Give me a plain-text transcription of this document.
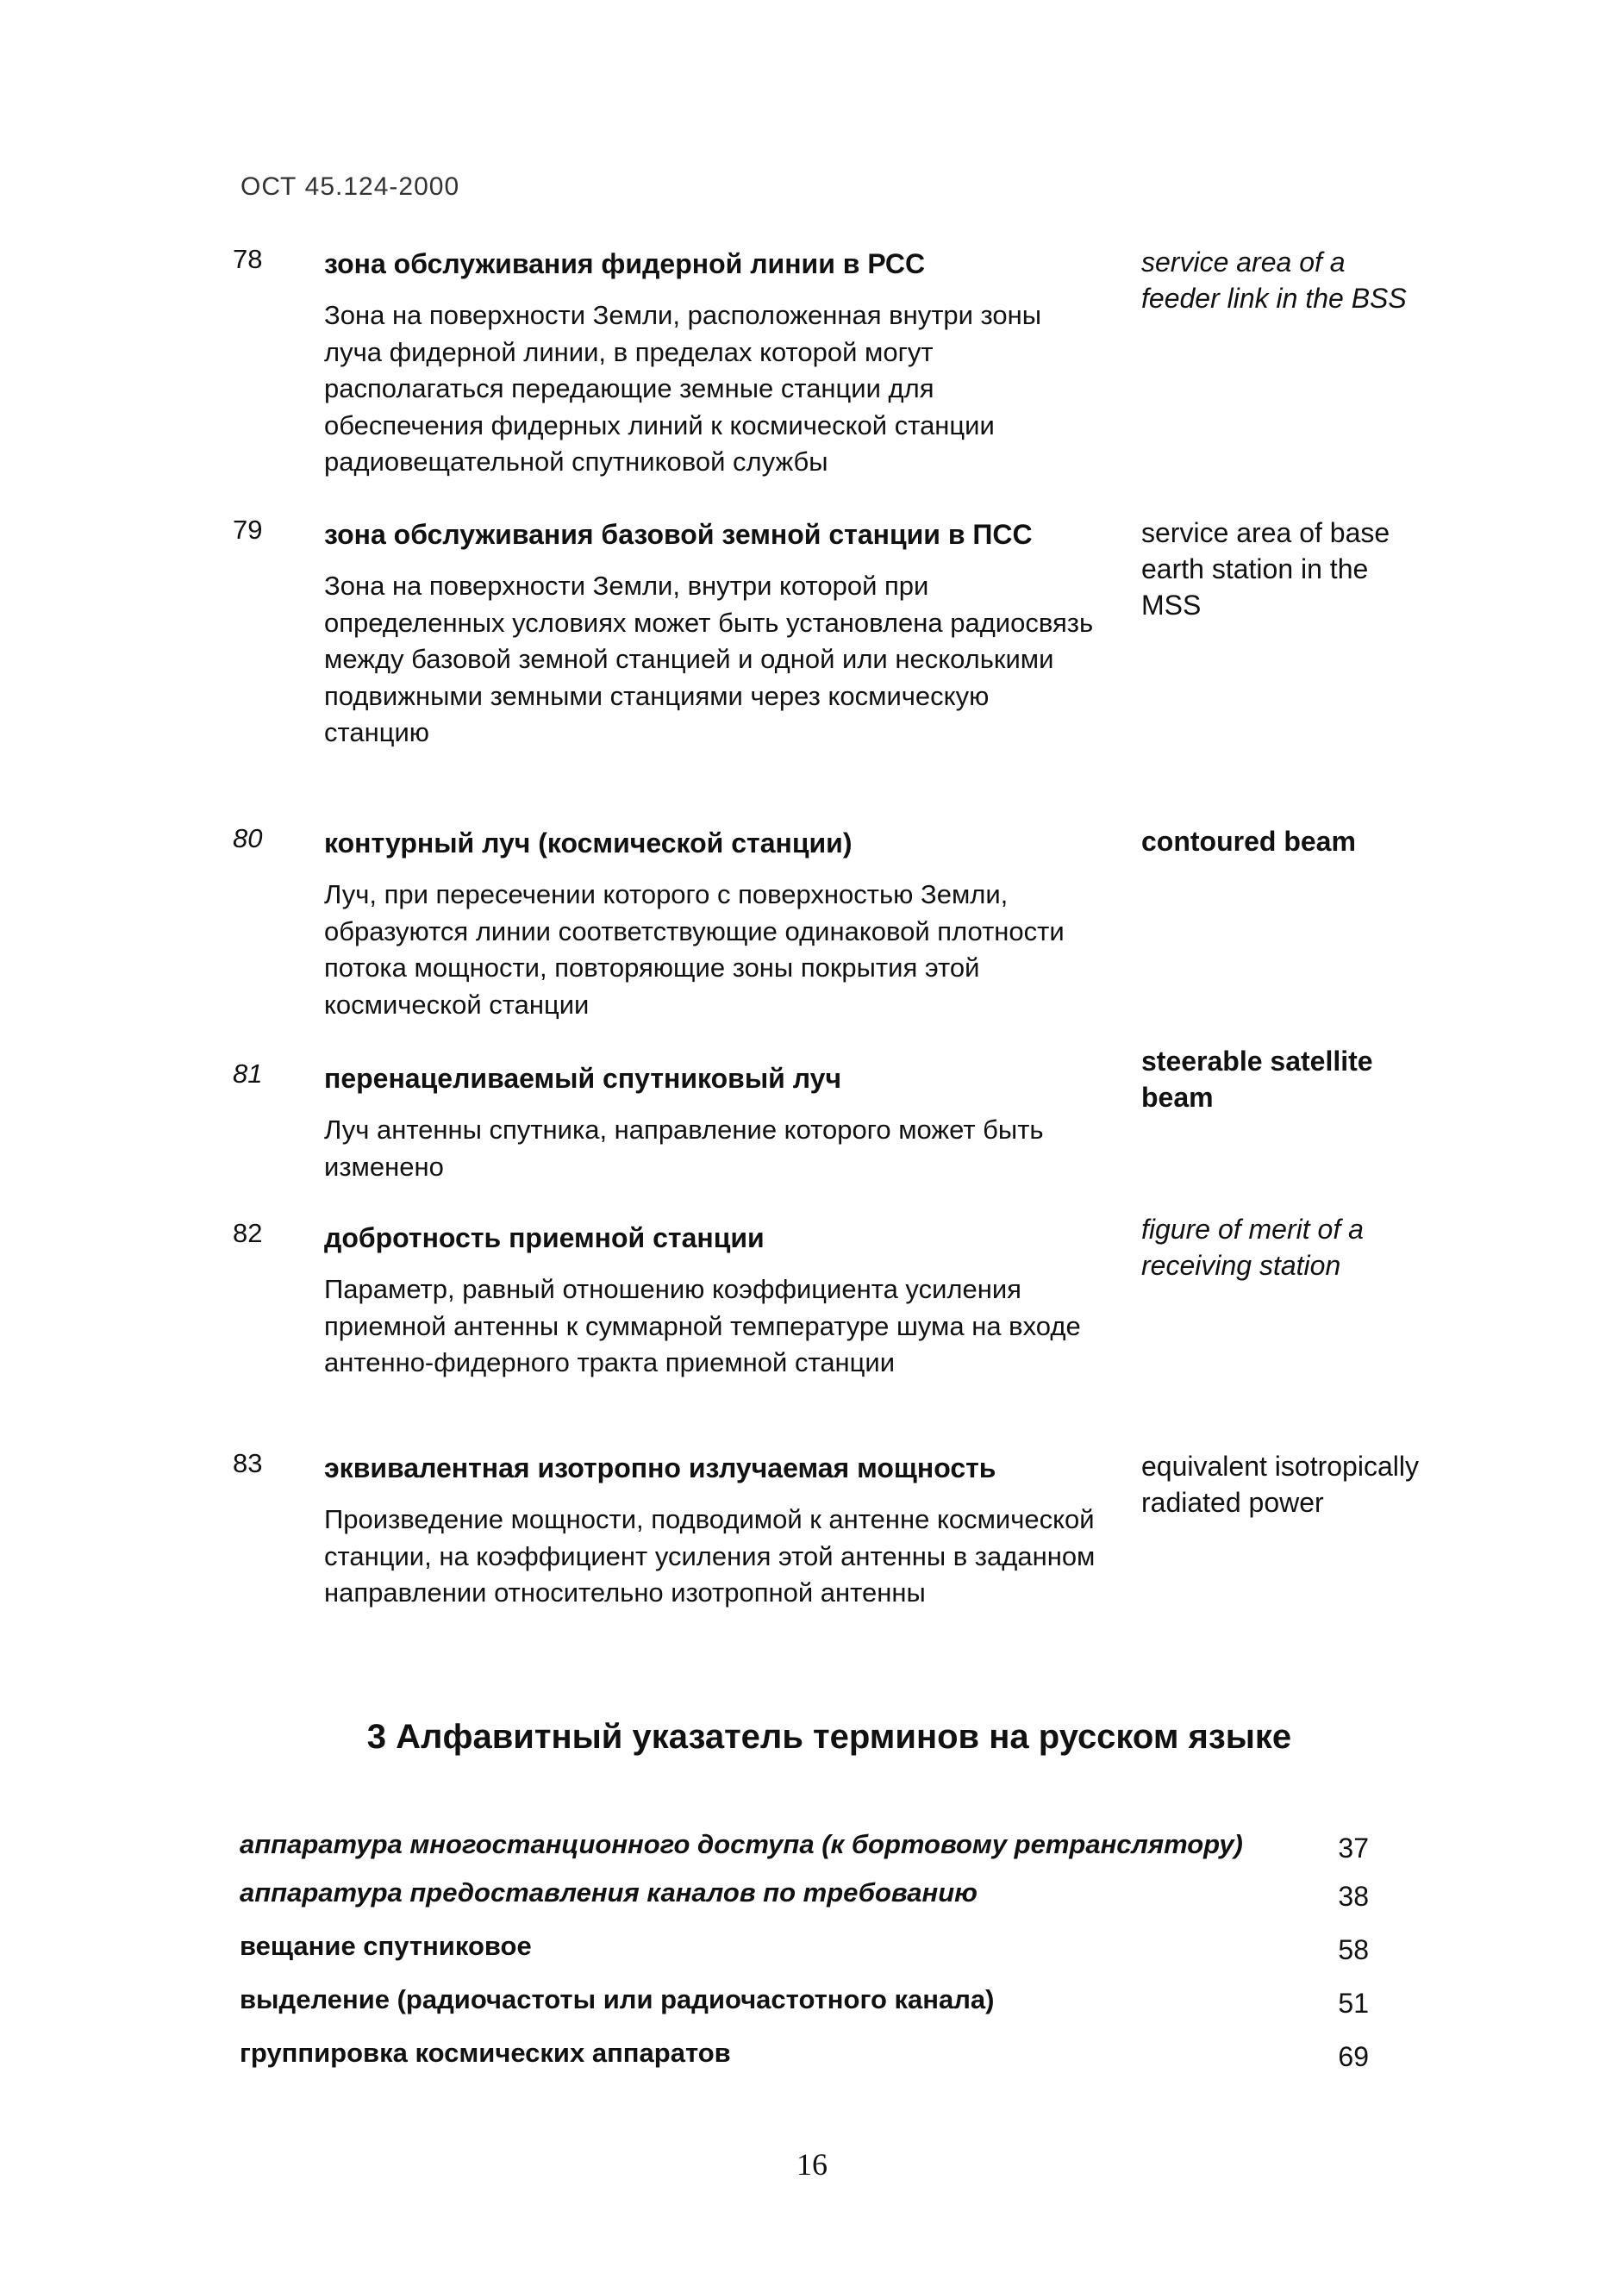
ОСТ 45.124-2000
78	зона обслуживания фидерной линии в РСС
Зона на поверхности Земли, расположенная внутри зоны луча фидерной линии, в пределах которой могут располагаться передающие земные станции для обеспечения фидерных линий к космической станции радиовещательной спутниковой службы
service area of a feeder link in the BSS
79	зона обслуживания базовой земной станции в ПСС
Зона на поверхности Земли, внутри которой при определенных условиях может быть установлена радиосвязь между базовой земной станцией и одной или несколькими подвижными земными станциями через космическую станцию
service area of base earth station in the MSS
80	контурный луч (космической станции)
Луч, при пересечении которого с поверхностью Земли, образуются линии соответствующие одинаковой плотности потока мощности, повторяющие зоны покрытия этой космической станции
contoured beam
81	перенацеливаемый спутниковый луч
Луч антенны спутника, направление которого может быть изменено
steerable satellite beam
82	добротность приемной станции
Параметр, равный отношению коэффициента усиления приемной антенны к суммарной температуре шума на входе антенно-фидерного тракта приемной станции
figure of merit of a receiving station
83	эквивалентная изотропно излучаемая мощность
Произведение мощности, подводимой к антенне космической станции, на коэффициент усиления этой антенны в заданном направлении относительно изотропной антенны
equivalent isotropically radiated power
3 Алфавитный указатель терминов на русском языке
аппаратура многостанционного доступа (к бортовому ретранслятору)	37
аппаратура предоставления каналов по требованию	38
вещание спутниковое	58
выделение (радиочастоты или радиочастотного канала)	51
группировка космических аппаратов	69
16
